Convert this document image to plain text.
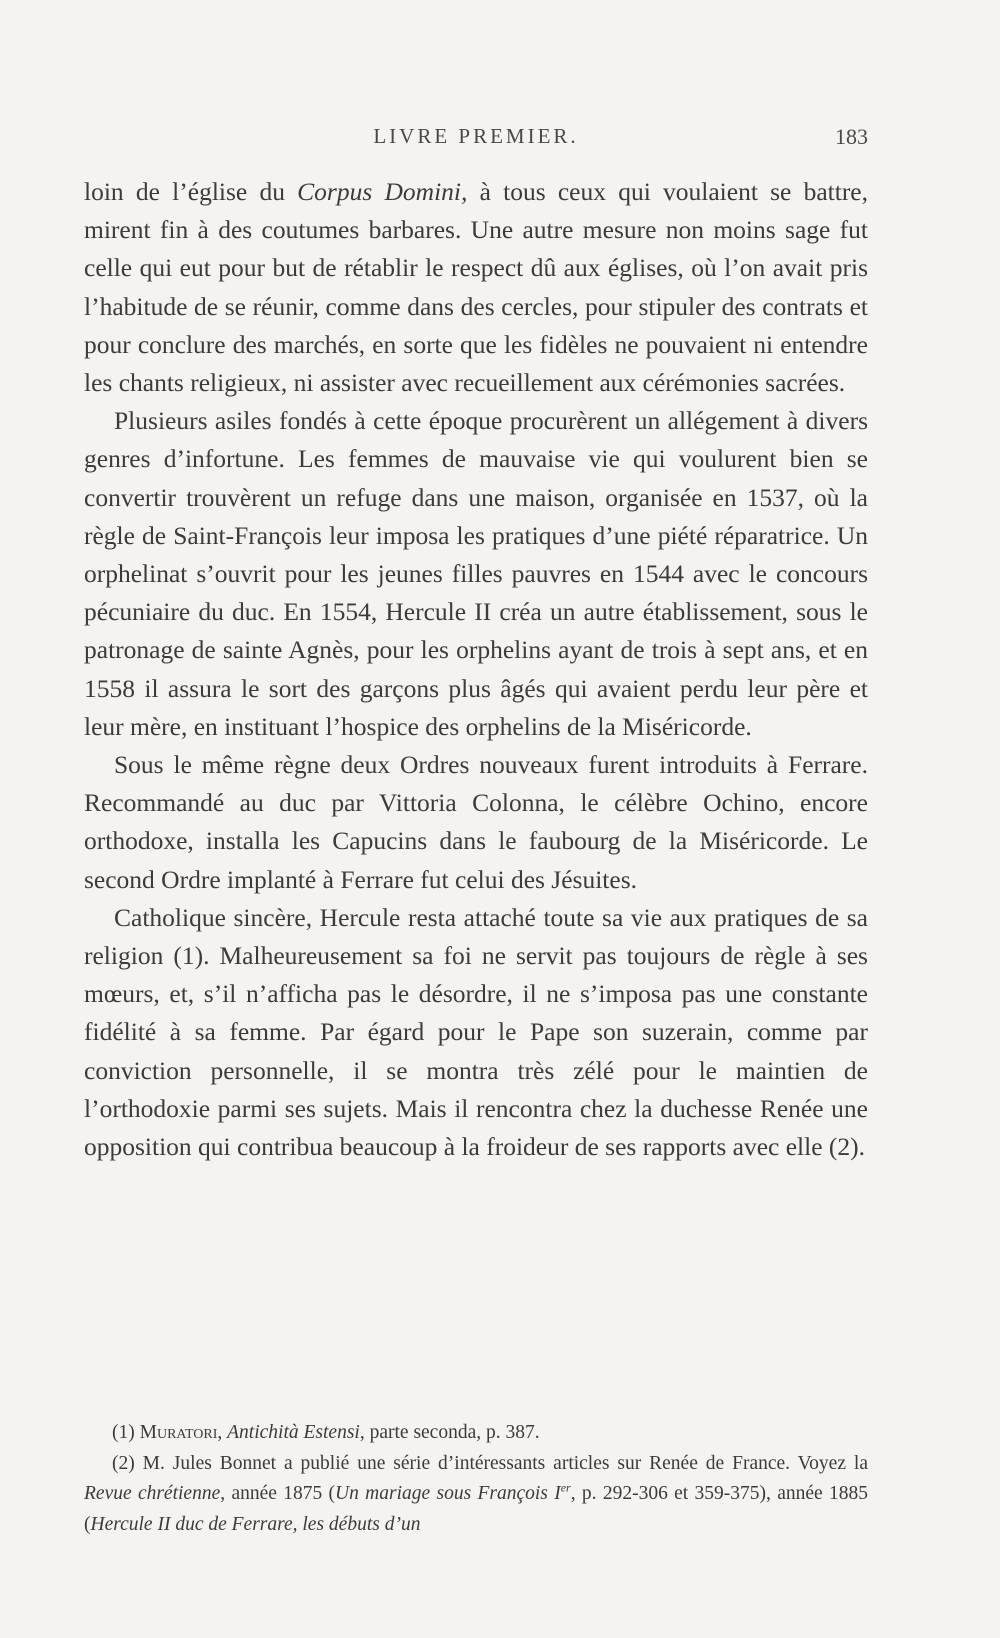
LIVRE PREMIER.	183

loin de l’église du Corpus Domini, à tous ceux qui voulaient se battre, mirent fin à des coutumes barbares. Une autre mesure non moins sage fut celle qui eut pour but de rétablir le respect dû aux églises, où l’on avait pris l’habitude de se réunir, comme dans des cercles, pour stipuler des contrats et pour conclure des marchés, en sorte que les fidèles ne pouvaient ni entendre les chants religieux, ni assister avec recueillement aux cérémonies sacrées.

Plusieurs asiles fondés à cette époque procurèrent un allégement à divers genres d’infortune. Les femmes de mauvaise vie qui voulurent bien se convertir trouvèrent un refuge dans une maison, organisée en 1537, où la règle de Saint-François leur imposa les pratiques d’une piété réparatrice. Un orphelinat s’ouvrit pour les jeunes filles pauvres en 1544 avec le concours pécuniaire du duc. En 1554, Hercule II créa un autre établissement, sous le patronage de sainte Agnès, pour les orphelins ayant de trois à sept ans, et en 1558 il assura le sort des garçons plus âgés qui avaient perdu leur père et leur mère, en instituant l’hospice des orphelins de la Miséricorde.

Sous le même règne deux Ordres nouveaux furent introduits à Ferrare. Recommandé au duc par Vittoria Colonna, le célèbre Ochino, encore orthodoxe, installa les Capucins dans le faubourg de la Miséricorde. Le second Ordre implanté à Ferrare fut celui des Jésuites.

Catholique sincère, Hercule resta attaché toute sa vie aux pratiques de sa religion (1). Malheureusement sa foi ne servit pas toujours de règle à ses mœurs, et, s’il n’afficha pas le désordre, il ne s’imposa pas une constante fidélité à sa femme. Par égard pour le Pape son suzerain, comme par conviction personnelle, il se montra très zélé pour le maintien de l’orthodoxie parmi ses sujets. Mais il rencontra chez la duchesse Renée une opposition qui contribua beaucoup à la froideur de ses rapports avec elle (2).

(1) Muratori, Antichità Estensi, parte seconda, p. 387.

(2) M. Jules Bonnet a publié une série d’intéressants articles sur Renée de France. Voyez la Revue chrétienne, année 1875 (Un mariage sous François Ier, p. 292-306 et 359-375), année 1885 (Hercule II duc de Ferrare, les débuts d’un
